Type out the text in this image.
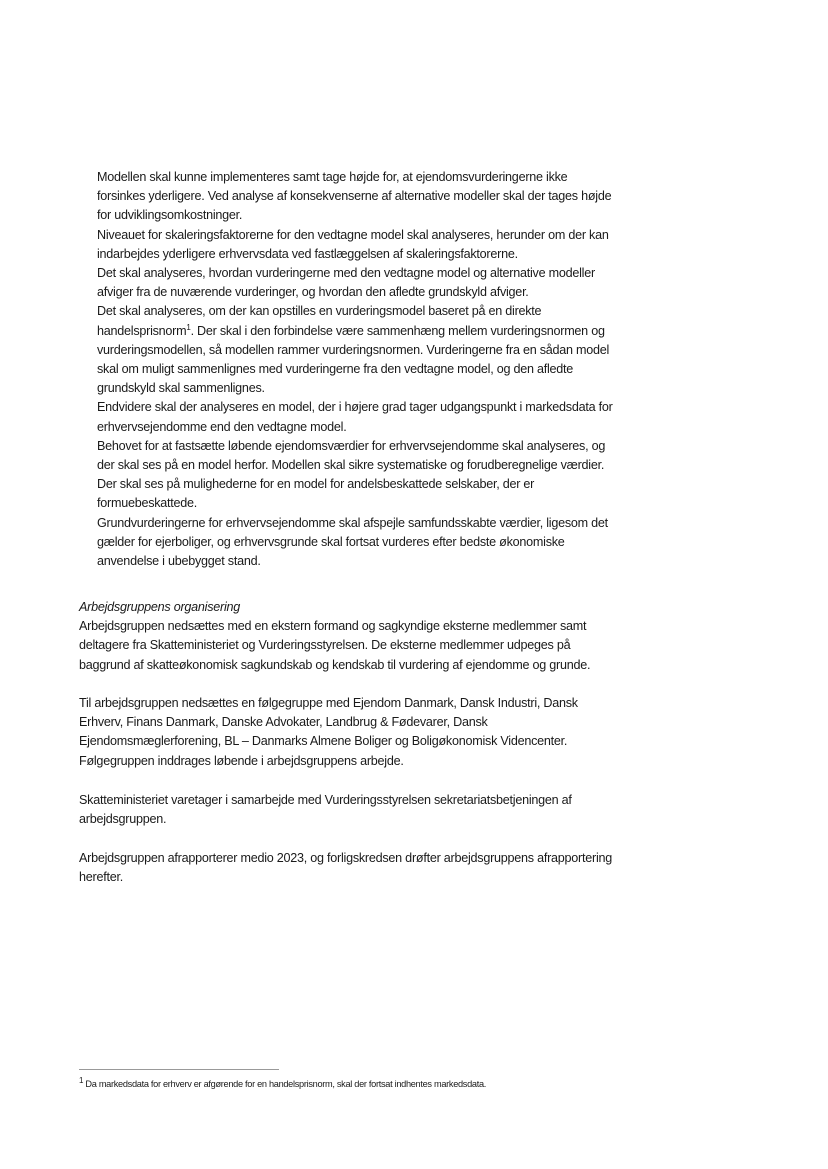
Modellen skal kunne implementeres samt tage højde for, at ejendomsvurderingerne ikke forsinkes yderligere. Ved analyse af konsekvenserne af alternative modeller skal der tages højde for udviklingsomkostninger.

Niveauet for skaleringsfaktorerne for den vedtagne model skal analyseres, herunder om der kan indarbejdes yderligere erhvervsdata ved fastlæggelsen af skaleringsfaktorerne.

Det skal analyseres, hvordan vurderingerne med den vedtagne model og alternative modeller afviger fra de nuværende vurderinger, og hvordan den afledte grundskyld afviger.

Det skal analyseres, om der kan opstilles en vurderingsmodel baseret på en direkte handelsprisnorm$^1$. Der skal i den forbindelse være sammenhæng mellem vurderingsnormen og vurderingsmodellen, så modellen rammer vurderingsnormen. Vurderingerne fra en sådan model skal om muligt sammenlignes med vurderingerne fra den vedtagne model, og den afledte grundskyld skal sammenlignes.

Endvidere skal der analyseres en model, der i højere grad tager udgangspunkt i markedsdata for erhvervsejendomme end den vedtagne model.

Behovet for at fastsætte løbende ejendomsværdier for erhvervsejendomme skal analyseres, og der skal ses på en model herfor. Modellen skal sikre systematiske og forudberegnelige værdier.

Der skal ses på mulighederne for en model for andelsbeskattede selskaber, der er formuebeskattede.

Grundvurderingerne for erhvervsejendomme skal afspejle samfundsskabte værdier, ligesom det gælder for ejerboliger, og erhvervsgrunde skal fortsat vurderes efter bedste økonomiske anvendelse i ubebygget stand.

Arbejdsgruppens organisering

Arbejdsgruppen nedsættes med en ekstern formand og sagkyndige eksterne medlemmer samt deltagere fra Skatteministeriet og Vurderingsstyrelsen. De eksterne medlemmer udpeges på baggrund af skatteøkonomisk sagkundskab og kendskab til vurdering af ejendomme og grunde.

Til arbejdsgruppen nedsættes en følgegruppe med Ejendom Danmark, Dansk Industri, Dansk Erhverv, Finans Danmark, Danske Advokater, Landbrug & Fødevarer, Dansk Ejendomsmæglerforening, BL – Danmarks Almene Boliger og Boligøkonomisk Videncenter. Følgegruppen inddrages løbende i arbejdsgruppens arbejde.

Skatteministeriet varetager i samarbejde med Vurderingsstyrelsen sekretariatsbetjeningen af arbejdsgruppen.

Arbejdsgruppen afrapporterer medio 2023, og forligskredsen drøfter arbejdsgruppens afrapportering herefter.

$^1$ Da markedsdata for erhverv er afgørende for en handelsprisnorm, skal der fortsat indhentes markedsdata.
